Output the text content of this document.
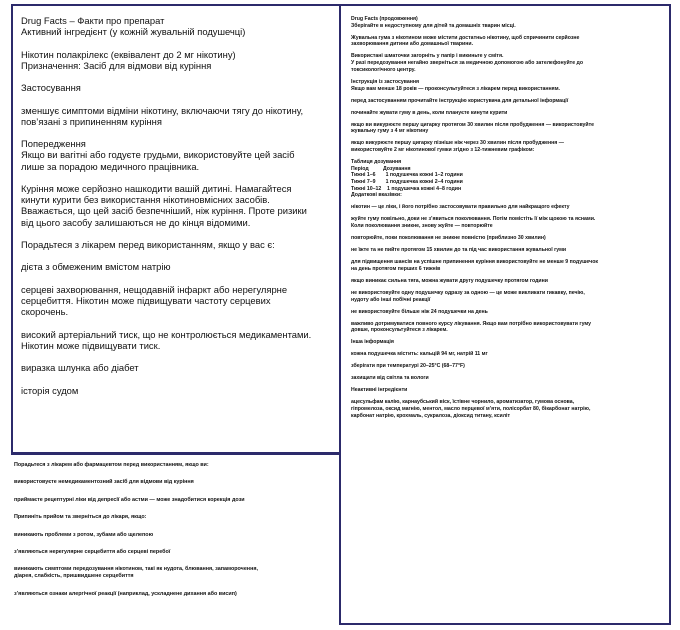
Drug Facts – Факти про препарат

Активний інгредієнт (у кожній жувальній подушечці)

Нікотин полакрілекс (еквівалент до 2 мг нікотину)

Призначення: Засіб для відмови від куріння

Застосування

зменшує симптоми відміни нікотину, включаючи тягу до нікотину,

пов’язані з припиненням куріння

Попередження

Якщо ви вагітні або годуєте грудьми, використовуйте цей засіб

лише за порадою медичного працівника.

Куріння може серйозно нашкодити вашій дитині. Намагайтеся

кинути курити без використання нікотиновмісних засобів.

Вважається, що цей засіб безпечніший, ніж куріння. Проте ризики

від цього засобу залишаються не до кінця відомими.

Порадьтеся з лікарем перед використанням, якщо у вас є:

дієта з обмеженим вмістом натрію

серцеві захворювання, нещодавній інфаркт або нерегулярне

серцебиття. Нікотин може підвищувати частоту серцевих

скорочень.

високий артеріальний тиск, що не контролюється медикаментами.

Нікотин може підвищувати тиск.

виразка шлунка або діабет

історія судом

Порадьтеся з лікарем або фармацевтом перед використанням, якщо ви:

використовуєте немедикаментозний засіб для відмови від куріння

приймаєте рецептурні ліки від депресії або астми — може знадобитися корекція дози

Припиніть прийом та зверніться до лікаря, якщо:

виникають проблеми з ротом, зубами або щелепою

з’являються нерегулярне серцебиття або серцеві перебої

виникають симптоми передозування нікотином, такі як нудота, блювання, запаморочення,
діарея, слабкість, пришвидшене серцебиття

з’являються ознаки алергічної реакції (наприклад, ускладнене дихання або висип)

Drug Facts (продовження)
Зберігайте в недоступному для дітей та домашніх тварин місці.

Жувальна гума з нікотином може містити достатньо нікотину, щоб спричинити серйозне
захворювання дитини або домашньої тварини.

Використані шматочки загорніть у папір і викиньте у смітя.
У разі передозування негайно зверніться за медичною допомогою або зателефонуйте до
токсикологічного центру.

Інструкція із застосування
Якщо вам менше 18 років — проконсультуйтеся з лікарем перед використанням.

перед застосуванням прочитайте інструкцію користувача для детальної інформації

починайте жувати гуму в день, коли плануєте кинути курити

якщо ви викурюєте першу цигарку протягом 30 хвилин після пробудження — використовуйте
жувальну гуму з 4 мг нікотину

якщо викурюєте першу цигарку пізніше ніж через 30 хвилин після пробудження —
використовуйте 2 мг нікотинової гумки згідно з 12-тижневим графіком:

Таблиця дозування
Період          Дозування
Тижні 1–6       1 подушечка кожні 1–2 години
Тижні 7–9       1 подушечка кожні 2–4 години
Тижні 10–12    1 подушечка кожні 4–8 годин
Додаткові вказівки:

нікотин — це ліки, і його потрібно застосовувати правильно для найкращого ефекту

жуйте гуму повільно, доки не з’явиться поколювання. Потім помістіть її між щокою та яснами.
Коли поколювання зникне, знову жуйте — повторюйте

повторюйте, поки поколювання не зникне повністю (приблизно 30 хвилин)

не їжте та не пийте протягом 15 хвилин до та під час використання жувальної гуми

для підвищення шансів на успішне припинення куріння використовуйте не менше 9 подушечок
на день протягом перших 6 тижнів

якщо виникає сильна тяга, можна жувати другу подушечку протягом години

не використовуйте одну подушечку одразу за одною — це може викликати гикавку, печію,
нудоту або інші побічні реакції

не використовуйте більше ніж 24 подушечки на день

важливо дотримуватися повного курсу лікування. Якщо вам потрібно використовувати гуму
довше, проконсультуйтеся з лікарем.

Інша інформація

кожна подушечка містить: кальцій 94 мг, натрій 11 мг

зберігати при температурі 20–25°C (68–77°F)

захищати від світла та вологи

Неактивні інгредієнти

ацесульфам калію, карнаубський віск, їстівне чорнило, ароматизатор, гумова основа,
гіпромелоза, оксид магнію, ментол, масло перцевої м’яти, полісорбат 80, бікарбонат натрію,
карбонат натрію, крохмаль, сукралоза, діоксид титану, ксиліт
